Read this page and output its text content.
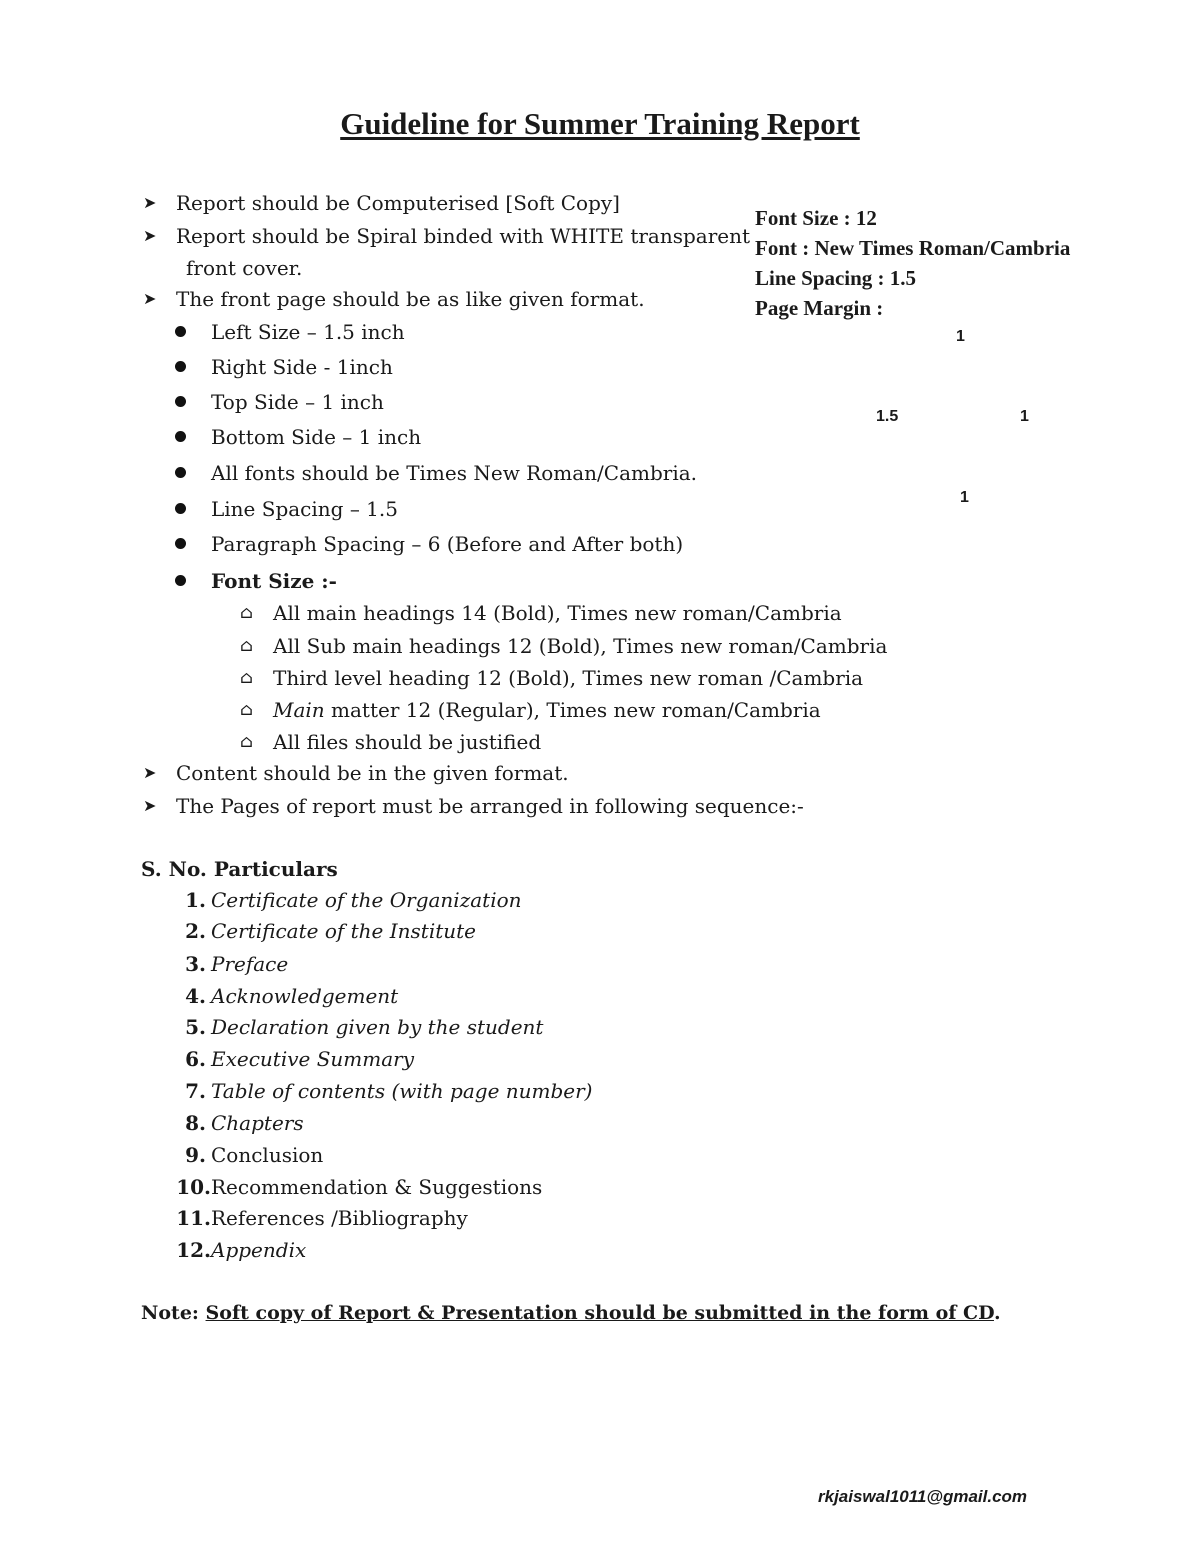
Guideline for Summer Training Report
➤ Report should be Computerised [Soft Copy]
➤ Report should be Spiral binded with WHITE transparent
front cover.
➤ The front page should be as like given format.
Left Size – 1.5 inch
Right Side - 1inch
Top Side – 1 inch
Bottom Side – 1 inch
All fonts should be Times New Roman/Cambria.
Line Spacing – 1.5
Paragraph Spacing – 6 (Before and After both)
Font Size :-
⌂ All main headings 14 (Bold), Times new roman/Cambria
⌂ All Sub main headings 12 (Bold), Times new roman/Cambria
⌂ Third level heading 12 (Bold), Times new roman /Cambria
⌂ Main matter 12 (Regular), Times new roman/Cambria
⌂ All files should be justified
➤ Content should be in the given format.
➤ The Pages of report must be arranged in following sequence:-
Font Size : 12
Font : New Times Roman/Cambria
Line Spacing : 1.5
Page Margin :
1
1.5	1
1
S. No. Particulars
1. Certificate of the Organization
2. Certificate of the Institute
3. Preface
4. Acknowledgement
5. Declaration given by the student
6. Executive Summary
7. Table of contents (with page number)
8. Chapters
9. Conclusion
10. Recommendation & Suggestions
11. References /Bibliography
12. Appendix
Note: Soft copy of Report & Presentation should be submitted in the form of CD.
rkjaiswal1011@gmail.com
